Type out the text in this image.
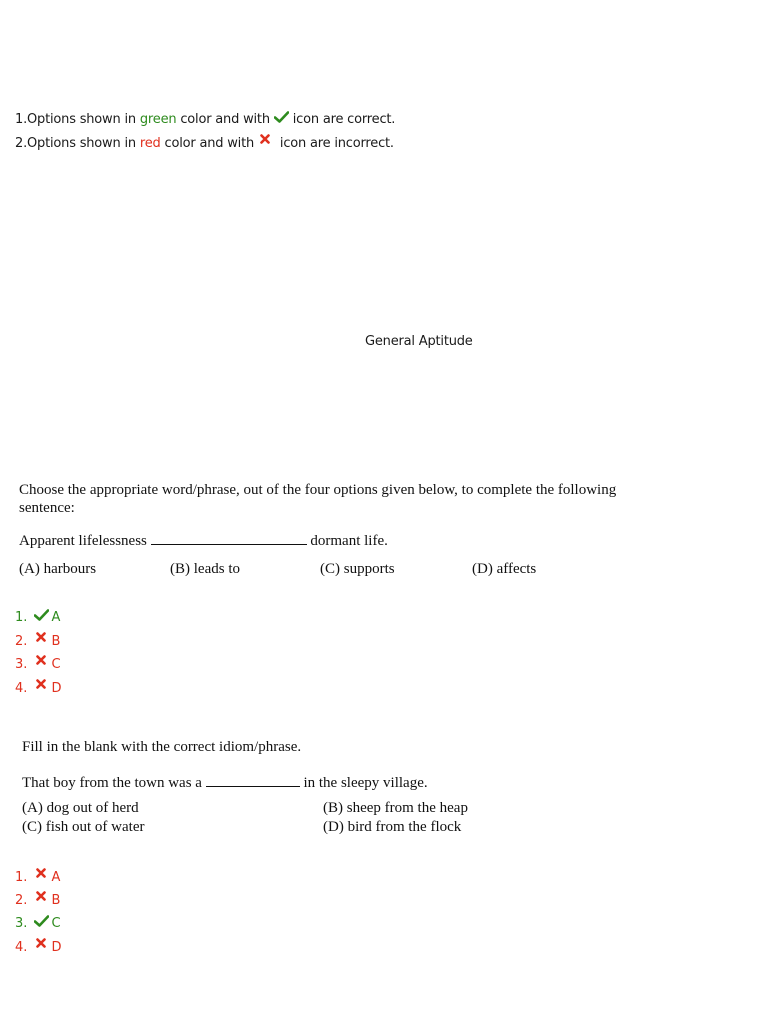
1.Options shown in green color and with  icon are correct.
2.Options shown in red color and with  icon are incorrect.
General Aptitude
Choose the appropriate word/phrase, out of the four options given below, to complete the following
sentence:
Apparent lifelessness	dormant life.
(A) harbours	(B) leads to	(C) supports	(D) affects
1. A
2. B
3. C
4. D
Fill in the blank with the correct idiom/phrase.
That boy from the town was a	in the sleepy village.
(A) dog out of herd	(B) sheep from the heap
(C) fish out of water	(D) bird from the flock
1. A
2. B
3. C
4. D
